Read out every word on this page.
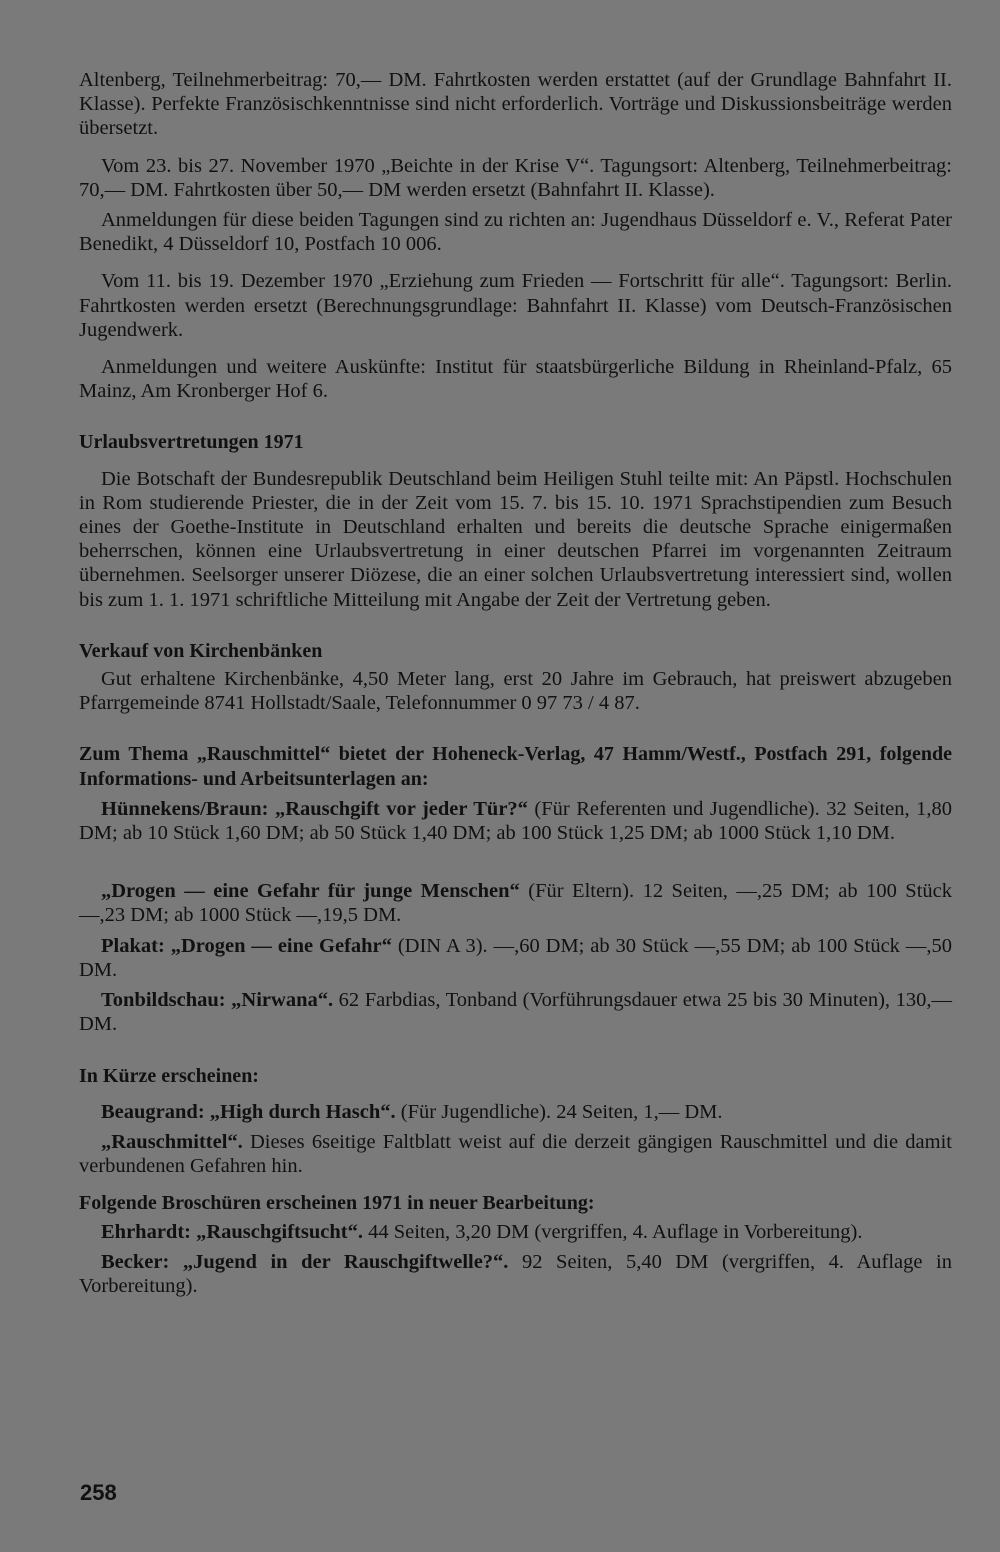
Altenberg, Teilnehmerbeitrag: 70,— DM. Fahrtkosten werden erstattet (auf der Grundlage Bahnfahrt II. Klasse). Perfekte Französischkenntnisse sind nicht erforderlich. Vorträge und Diskussionsbeiträge werden übersetzt.

Vom 23. bis 27. November 1970 „Beichte in der Krise V“. Tagungsort: Altenberg, Teilnehmerbeitrag: 70,— DM. Fahrtkosten über 50,— DM werden ersetzt (Bahnfahrt II. Klasse).

Anmeldungen für diese beiden Tagungen sind zu richten an: Jugendhaus Düsseldorf e. V., Referat Pater Benedikt, 4 Düsseldorf 10, Postfach 10 006.

Vom 11. bis 19. Dezember 1970 „Erziehung zum Frieden — Fortschritt für alle“. Tagungsort: Berlin. Fahrtkosten werden ersetzt (Berechnungsgrundlage: Bahnfahrt II. Klasse) vom Deutsch-Französischen Jugendwerk.

Anmeldungen und weitere Auskünfte: Institut für staatsbürgerliche Bildung in Rheinland-Pfalz, 65 Mainz, Am Kronberger Hof 6.

Urlaubsvertretungen 1971

Die Botschaft der Bundesrepublik Deutschland beim Heiligen Stuhl teilte mit: An Päpstl. Hochschulen in Rom studierende Priester, die in der Zeit vom 15. 7. bis 15. 10. 1971 Sprachstipendien zum Besuch eines der Goethe-Institute in Deutschland erhalten und bereits die deutsche Sprache einigermaßen beherrschen, können eine Urlaubsvertretung in einer deutschen Pfarrei im vorgenannten Zeitraum übernehmen. Seelsorger unserer Diözese, die an einer solchen Urlaubsvertretung interessiert sind, wollen bis zum 1. 1. 1971 schriftliche Mitteilung mit Angabe der Zeit der Vertretung geben.

Verkauf von Kirchenbänken

Gut erhaltene Kirchenbänke, 4,50 Meter lang, erst 20 Jahre im Gebrauch, hat preiswert abzugeben Pfarrgemeinde 8741 Hollstadt/Saale, Telefonnummer 0 97 73 / 4 87.

Zum Thema „Rauschmittel“ bietet der Hoheneck-Verlag, 47 Hamm/Westf., Postfach 291, folgende Informations- und Arbeitsunterlagen an:

Hünnekens/Braun: „Rauschgift vor jeder Tür?“ (Für Referenten und Jugendliche). 32 Seiten, 1,80 DM; ab 10 Stück 1,60 DM; ab 50 Stück 1,40 DM; ab 100 Stück 1,25 DM; ab 1000 Stück 1,10 DM.

„Drogen — eine Gefahr für junge Menschen“ (Für Eltern). 12 Seiten, —,25 DM; ab 100 Stück —,23 DM; ab 1000 Stück —,19,5 DM.

Plakat: „Drogen — eine Gefahr“ (DIN A 3). —,60 DM; ab 30 Stück —,55 DM; ab 100 Stück —,50 DM.

Tonbildschau: „Nirwana“. 62 Farbdias, Tonband (Vorführungsdauer etwa 25 bis 30 Minuten), 130,— DM.

In Kürze erscheinen:

Beaugrand: „High durch Hasch“. (Für Jugendliche). 24 Seiten, 1,— DM.

„Rauschmittel“. Dieses 6seitige Faltblatt weist auf die derzeit gängigen Rauschmittel und die damit verbundenen Gefahren hin.

Folgende Broschüren erscheinen 1971 in neuer Bearbeitung:

Ehrhardt: „Rauschgiftsucht“. 44 Seiten, 3,20 DM (vergriffen, 4. Auflage in Vorbereitung).

Becker: „Jugend in der Rauschgiftwelle?“. 92 Seiten, 5,40 DM (vergriffen, 4. Auflage in Vorbereitung).

258
